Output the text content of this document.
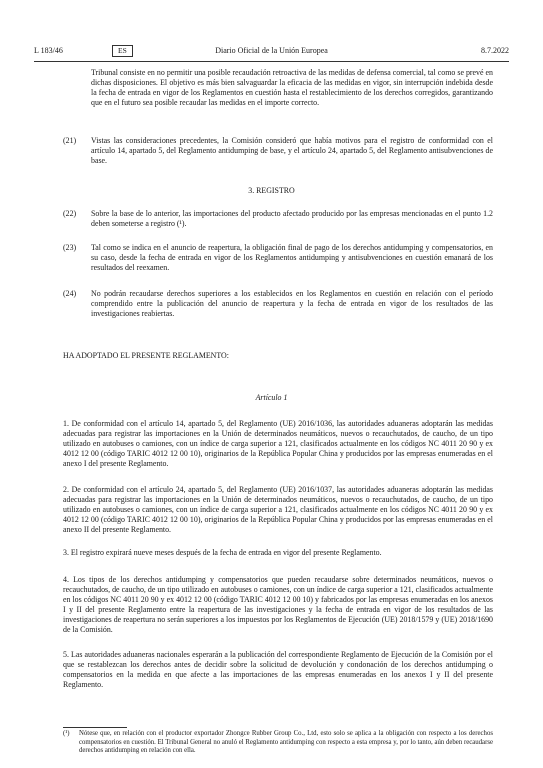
L 183/46	ES	Diario Oficial de la Unión Europea	8.7.2022

Tribunal consiste en no permitir una posible recaudación retroactiva de las medidas de defensa comercial, tal como se prevé en dichas disposiciones. El objetivo es más bien salvaguardar la eficacia de las medidas en vigor, sin interrupción indebida desde la fecha de entrada en vigor de los Reglamentos en cuestión hasta el restablecimiento de los derechos corregidos, garantizando que en el futuro sea posible recaudar las medidas en el importe correcto.

(21) Vistas las consideraciones precedentes, la Comisión consideró que había motivos para el registro de conformidad con el artículo 14, apartado 5, del Reglamento antidumping de base, y el artículo 24, apartado 5, del Reglamento antisubvenciones de base.

3. REGISTRO
(22) Sobre la base de lo anterior, las importaciones del producto afectado producido por las empresas mencionadas en el punto 1.2 deben someterse a registro (¹).

(23) Tal como se indica en el anuncio de reapertura, la obligación final de pago de los derechos antidumping y compensatorios, en su caso, desde la fecha de entrada en vigor de los Reglamentos antidumping y antisubvenciones en cuestión emanará de los resultados del reexamen.

(24) No podrán recaudarse derechos superiores a los establecidos en los Reglamentos en cuestión en relación con el período comprendido entre la publicación del anuncio de reapertura y la fecha de entrada en vigor de los resultados de las investigaciones reabiertas.

HA ADOPTADO EL PRESENTE REGLAMENTO:
Artículo 1

1. De conformidad con el artículo 14, apartado 5, del Reglamento (UE) 2016/1036, las autoridades aduaneras adoptarán las medidas adecuadas para registrar las importaciones en la Unión de determinados neumáticos, nuevos o recauchutados, de caucho, de un tipo utilizado en autobuses o camiones, con un índice de carga superior a 121, clasificados actualmente en los códigos NC 4011 20 90 y ex 4012 12 00 (código TARIC 4012 12 00 10), originarios de la República Popular China y producidos por las empresas enumeradas en el anexo I del presente Reglamento.

2. De conformidad con el artículo 24, apartado 5, del Reglamento (UE) 2016/1037, las autoridades aduaneras adoptarán las medidas adecuadas para registrar las importaciones en la Unión de determinados neumáticos, nuevos o recauchutados, de caucho, de un tipo utilizado en autobuses o camiones, con un índice de carga superior a 121, clasificados actualmente en los códigos NC 4011 20 90 y ex 4012 12 00 (código TARIC 4012 12 00 10), originarios de la República Popular China y producidos por las empresas enumeradas en el anexo II del presente Reglamento.

3. El registro expirará nueve meses después de la fecha de entrada en vigor del presente Reglamento.

4. Los tipos de los derechos antidumping y compensatorios que pueden recaudarse sobre determinados neumáticos, nuevos o recauchutados, de caucho, de un tipo utilizado en autobuses o camiones, con un índice de carga superior a 121, clasificados actualmente en los códigos NC 4011 20 90 y ex 4012 12 00 (código TARIC 4012 12 00 10) y fabricados por las empresas enumeradas en los anexos I y II del presente Reglamento entre la reapertura de las investigaciones y la fecha de entrada en vigor de los resultados de las investigaciones de reapertura no serán superiores a los impuestos por los Reglamentos de Ejecución (UE) 2018/1579 y (UE) 2018/1690 de la Comisión.

5. Las autoridades aduaneras nacionales esperarán a la publicación del correspondiente Reglamento de Ejecución de la Comisión por el que se restablezcan los derechos antes de decidir sobre la solicitud de devolución y condonación de los derechos antidumping o compensatorios en la medida en que afecte a las importaciones de las empresas enumeradas en los anexos I y II del presente Reglamento.

(¹)	Nótese que, en relación con el productor exportador Zhongce Rubber Group Co., Ltd, esto solo se aplica a la obligación con respecto a los derechos compensatorios en cuestión. El Tribunal General no anuló el Reglamento antidumping con respecto a esta empresa y, por lo tanto, aún deben recaudarse derechos antidumping en relación con ella.
